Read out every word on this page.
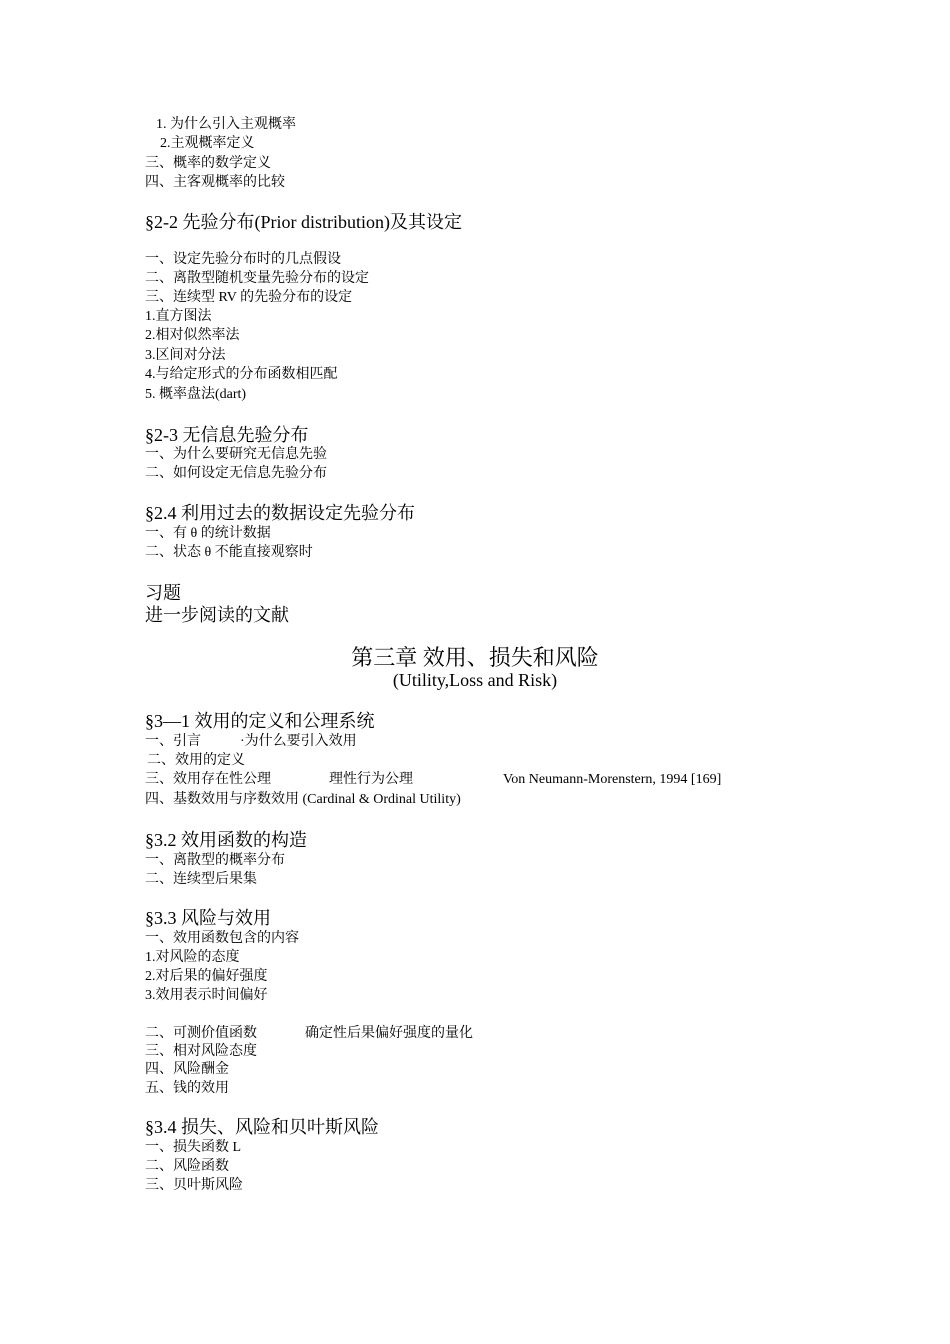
1. 为什么引入主观概率
2.主观概率定义
三、概率的数学定义
四、主客观概率的比较
§2-2 先验分布(Prior distribution)及其设定
一、设定先验分布时的几点假设
二、离散型随机变量先验分布的设定
三、连续型 RV 的先验分布的设定
1.直方图法
2.相对似然率法
3.区间对分法
4.与给定形式的分布函数相匹配
5. 概率盘法(dart)
§2-3 无信息先验分布
一、为什么要研究无信息先验
二、如何设定无信息先验分布
§2.4 利用过去的数据设定先验分布
一、有 θ 的统计数据
二、状态 θ 不能直接观察时
习题
进一步阅读的文献
第三章 效用、损失和风险
(Utility,Loss and Risk)
§3—1 效用的定义和公理系统
一、引言	·为什么要引入效用
二、效用的定义
三、效用存在性公理	理性行为公理	Von Neumann-Morenstern, 1994 [169]
四、基数效用与序数效用 (Cardinal & Ordinal Utility)
§3.2 效用函数的构造
一、离散型的概率分布
二、连续型后果集
§3.3 风险与效用
一、效用函数包含的内容
1.对风险的态度
2.对后果的偏好强度
3.效用表示时间偏好
二、可测价值函数	确定性后果偏好强度的量化
三、相对风险态度
四、风险酬金
五、钱的效用
§3.4 损失、风险和贝叶斯风险
一、损失函数 L
二、风险函数
三、贝叶斯风险
